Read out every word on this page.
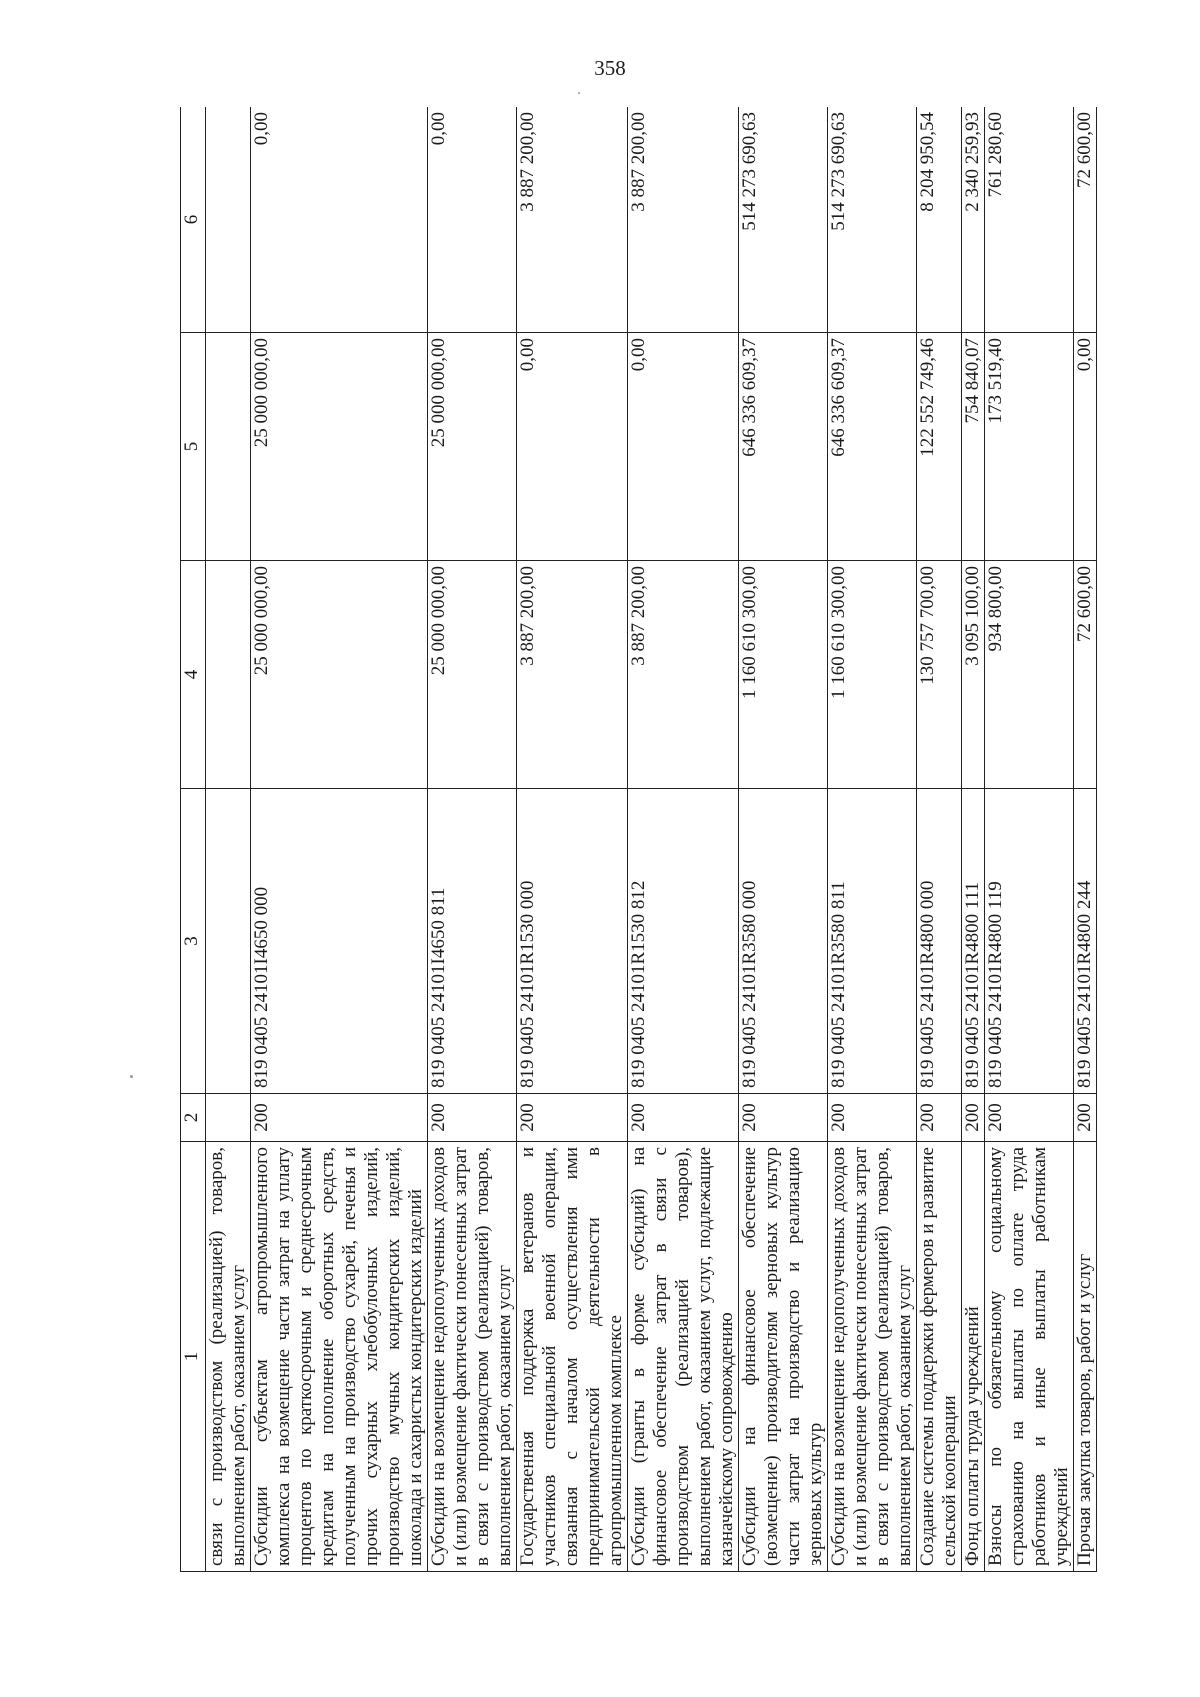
358
1	2	3	4	5	6
связи с производством (реализацией) товаров, выполнением работ, оказанием услуг					
Субсидии субъектам агропромышленного комплекса на возмещение части затрат на уплату процентов по краткосрочным и среднесрочным кредитам на пополнение оборотных средств, полученным на производство сухарей, печенья и прочих сухарных хлебобулочных изделий, производство мучных кондитерских изделий, шоколада и сахаристых кондитерских изделий	200	819 0405 24101I4650 000	25 000 000,00	25 000 000,00	0,00
Субсидии на возмещение недополученных доходов и (или) возмещение фактически понесенных затрат в связи с производством (реализацией) товаров, выполнением работ, оказанием услуг	200	819 0405 24101I4650 811	25 000 000,00	25 000 000,00	0,00
Государственная поддержка ветеранов и участников специальной военной операции, связанная с началом осуществления ими предпринимательской деятельности в агропромышленном комплексе	200	819 0405 24101R1530 000	3 887 200,00	0,00	3 887 200,00
Субсидии (гранты в форме субсидий) на финансовое обеспечение затрат в связи с производством (реализацией товаров), выполнением работ, оказанием услуг, подлежащие казначейскому сопровождению	200	819 0405 24101R1530 812	3 887 200,00	0,00	3 887 200,00
Субсидии на финансовое обеспечение (возмещение) производителям зерновых культур части затрат на производство и реализацию зерновых культур	200	819 0405 24101R3580 000	1 160 610 300,00	646 336 609,37	514 273 690,63
Субсидии на возмещение недополученных доходов и (или) возмещение фактически понесенных затрат в связи с производством (реализацией) товаров, выполнением работ, оказанием услуг	200	819 0405 24101R3580 811	1 160 610 300,00	646 336 609,37	514 273 690,63
Создание системы поддержки фермеров и развитие сельской кооперации	200	819 0405 24101R4800 000	130 757 700,00	122 552 749,46	8 204 950,54
Фонд оплаты труда учреждений	200	819 0405 24101R4800 111	3 095 100,00	754 840,07	2 340 259,93
Взносы по обязательному социальному страхованию на выплаты по оплате труда работников и иные выплаты работникам учреждений	200	819 0405 24101R4800 119	934 800,00	173 519,40	761 280,60
Прочая закупка товаров, работ и услуг	200	819 0405 24101R4800 244	72 600,00	0,00	72 600,00
